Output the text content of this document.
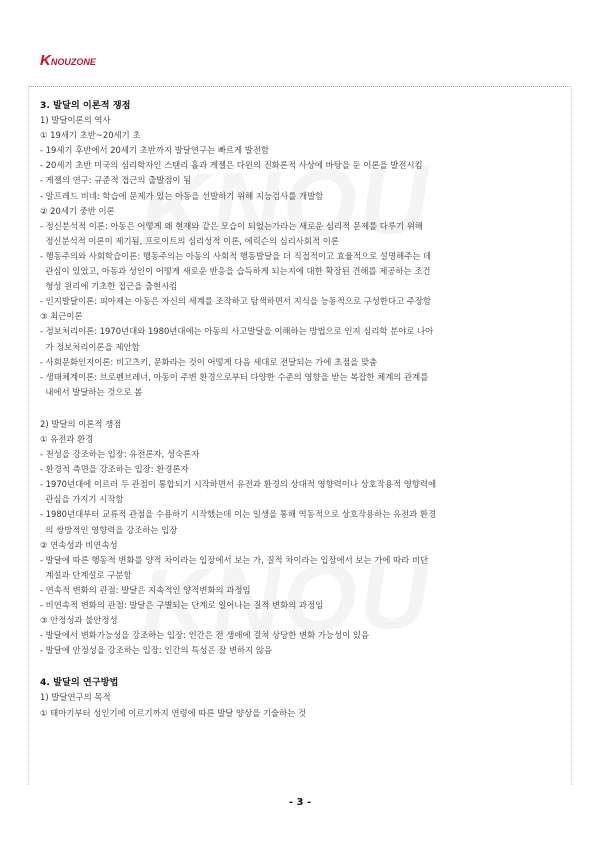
KNOUZONE
3. 발달의 이론적 쟁점
1) 발달이론의 역사
① 19세기 초반~20세기 초
- 19세기 후반에서 20세기 초반까지 발달연구는 빠르게 발전함
- 20세기 초반 미국의 심리학자인 스탠리 홀과 게젤은 다윈의 진화론적 사상에 바탕을 둔 이론을 발전시킴
- 게젤의 연구: 규준적 접근의 출발점이 됨
- 알프레드 비네: 학습에 문제가 있는 아동을 선발하기 위해 지능검사를 개발함
② 20세기 중반 이론
- 정신분석적 이론: 아동은 어떻게 왜 현재와 같은 모습이 되었는가라는 새로운 심리적 문제를 다루기 위해
정신분석적 이론이 제기됨, 프로이트의 심리성적 이론, 에릭슨의 심리사회적 이론
- 행동주의와 사회학습이론: 행동주의는 아동의 사회적 행동발달을 더 직접적이고 효율적으로 설명해주는 데
관심이 있었고, 아동과 성인이 어떻게 새로운 반응을 습득하게 되는지에 대한 확장된 견해를 제공하는 조건
형성 원리에 기초한 접근을 출현시킴
- 인지발달이론: 피아제는 아동은 자신의 세계를 조작하고 탐색하면서 지식을 능동적으로 구성한다고 주장함
③ 최근이론
- 정보처리이론: 1970년대와 1980년대에는 아동의 사고발달을 이해하는 방법으로 인지 심리학 분야로 나아
가 정보처리이론을 제안함
- 사회문화인지이론: 비고츠키, 문화라는 것이 어떻게 다음 세대로 전달되는 가에 초점을 맞춤
- 생태체계이론: 브로펜브레너, 아동이 주변 환경으로부터 다양한 수준의 영향을 받는 복잡한 체계의 관계를
내에서 발달하는 것으로 봄
2) 발달의 이론적 쟁점
① 유전과 환경
- 천성을 강조하는 입장: 유전론자, 성숙론자
- 환경적 측면을 강조하는 입장: 환경론자
- 1970년대에 이르러 두 관점이 통합되기 시작하면서 유전과 환경의 상대적 영향력이나 상호작용적 영향력에
관심을 가지기 시작함
- 1980년대부터 교류적 관점을 수용하기 시작했는데 이는 일생을 통해 역동적으로 상호작용하는 유전과 환경
의 쌍방적인 영향력을 강조하는 입장
② 연속성과 비연속성
- 발달에 따른 행동적 변화를 양적 차이라는 입장에서 보는 가, 질적 차이라는 입장에서 보는 가에 따라 비단
계설과 단계설로 구분함
- 연속적 변화의 관점: 발달은 지속적인 양적변화의 과정임
- 비연속적 변화의 관점: 발달은 구별되는 단계로 일어나는 질적 변화의 과정임
③ 안정성과 불안정성
- 발달에서 변화가능성을 강조하는 입장: 인간은 전 생애에 걸쳐 상당한 변화 가능성이 있음
- 발달에 안정성을 강조하는 입장: 인간의 특성은 잘 변하지 않음
4. 발달의 연구방법
1) 발달연구의 목적
① 태아기부터 성인기에 이르기까지 연령에 따른 발달 양상을 기술하는 것
- 3 -
